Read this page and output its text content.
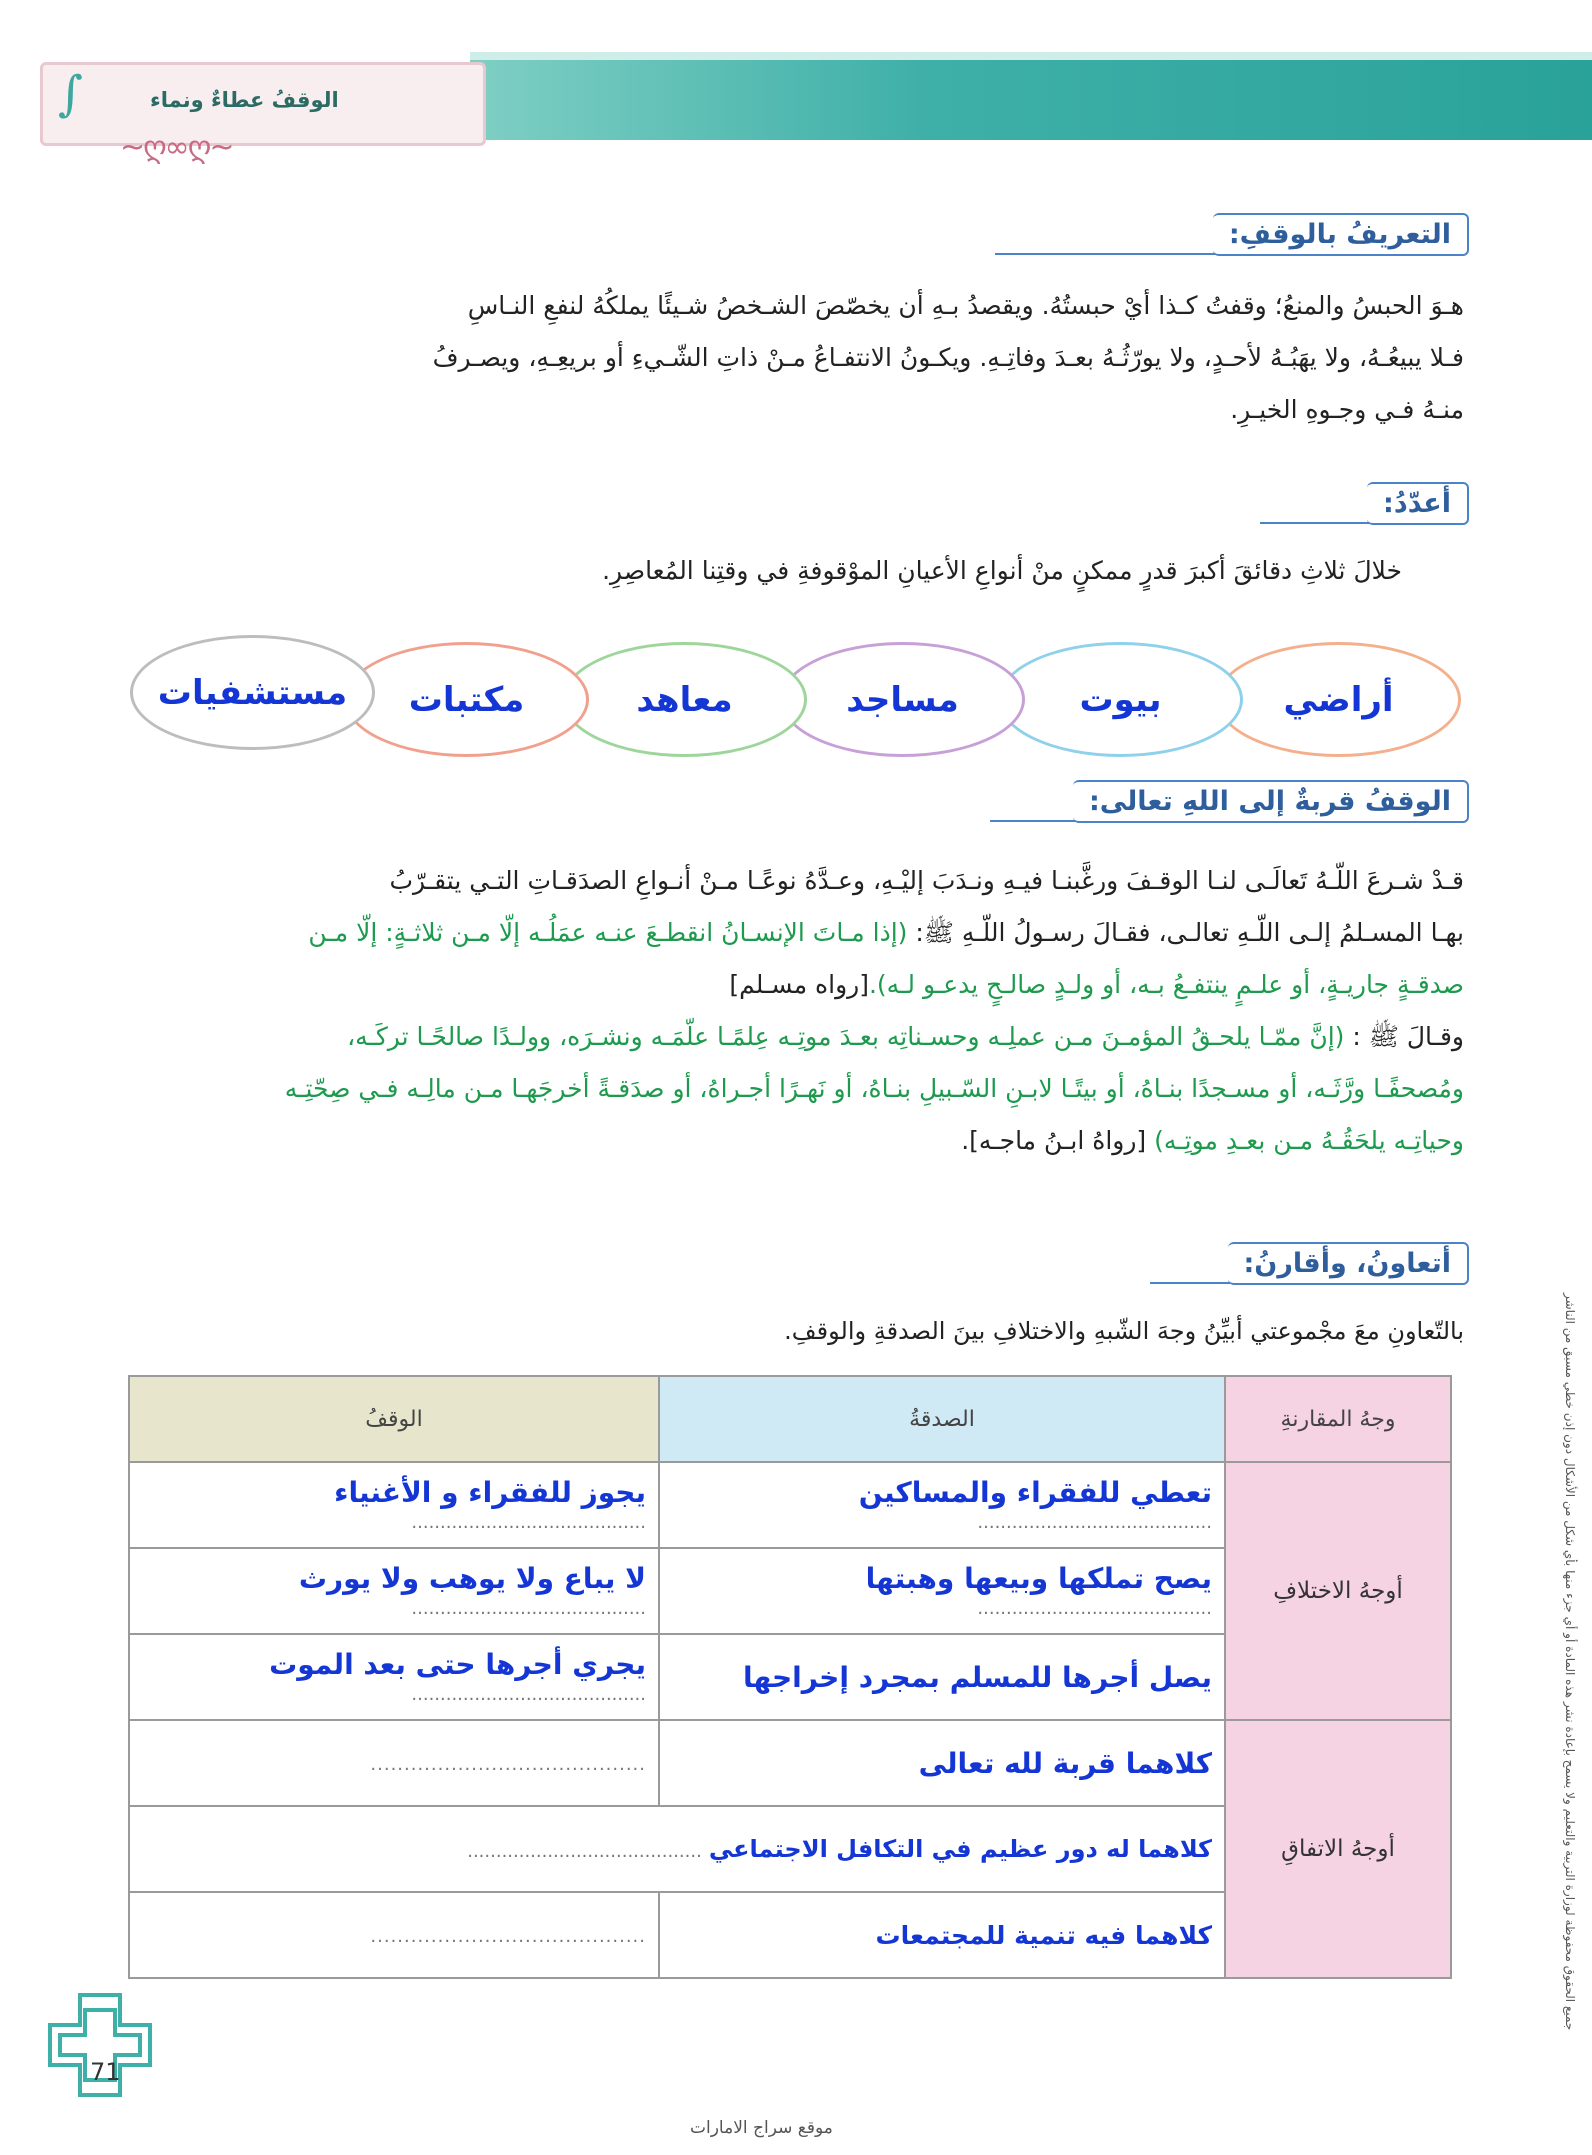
∫	الوقفُ عطاءٌ ونماء
~ღ∞ღ~
التعريفُ بالوقفِ:
هـوَ الحبسُ والمنعُ؛ وقفتُ كـذا أيْ حبستُهُ. ويقصدُ بـهِ أن يخصّصَ الشـخصُ شـيئًا يملكُهُ لنفعِ النـاسِ
فـلا يبيعُـهُ، ولا يهَبُـهُ لأحـدٍ، ولا يورّثُـهُ بعـدَ وفاتِـهِ. ويكـونُ الانتفـاعُ مـنْ ذاتِ الشّـيءِ أو بريعِـهِ، ويصـرفُ
منـهُ فـي وجـوهِ الخيـرِ.
أعدّدُ:
خلالَ ثلاثِ دقائقَ أكبرَ قدرٍ ممكنٍ منْ أنواعِ الأعيانِ الموْقوفةِ في وقتِنا المُعاصِرِ.
أراضي
بيوت
مساجد
معاهد
مكتبات
مستشفيات
الوقفُ قربةٌ إلى اللهِ تعالى:
قـدْ شـرعَ اللّـهُ تَعالَـى لنـا الوقـفَ ورغَّبنـا فيـهِ ونـدَبَ إليْـهِ، وعـدَّهُ نوعًـا مـنْ أنـواعِ الصدَقـاتِ التـي يتقـرّبُ
بهـا المسـلمُ إلـى اللّـهِ تعالـى، فقـالَ رسـولُ اللّـهِ ﷺ: (إذا مـاتَ الإنسـانُ انقطـعَ عنـه عمَلُـه إلّا مـن ثلاثـةٍ: إلّا مـن
صدقـةٍ جاريـةٍ، أو علـمٍ ينتفـعُ بـه، أو ولـدٍ صالـحٍ يدعـو لـه).[رواه مسـلم]
وقـالَ ﷺ : (إنَّ ممّـا يلحـقُ المؤمـنَ مـن عملِـه وحسـناتِه بعـدَ موتِـه عِلمًـا علّمَـه ونشـرَه، وولـدًا صالحًـا تركَـه،
ومُصحفًـا ورَّثَـه، أو مسـجدًا بنـاهُ، أو بيتًـا لابـنِ السّـبيلِ بنـاهُ، أو نَهـرًا أجـراهُ، أو صدَقـةً أخرجَهـا مـن مالِـه فـي صِحّتِـه
وحياتِـه يلحَقُـهُ مـن بعـدِ موتِـه) [رواهُ ابـنُ ماجـه].
أتعاونُ، وأقارنُ:
بالتّعاونِ معَ مجْموعتي أبيِّنُ وجهَ الشّبهِ والاختلافِ بينَ الصدقةِ والوقفِ.
وجهُ المقارنةِ	الصدقةُ	الوقفُ
أوجهُ الاختلافِ	تعطي للفقراء والمساكين .........................................	يجوز للفقراء و الأغنياء .........................................
	يصح تملكها وبيعها وهبتها .........................................	لا يباع ولا يوهب ولا يورث .........................................
	يصل أجرها للمسلم بمجرد إخراجها	يجري أجرها حتى بعد الموت .........................................
أوجهُ الاتفاقِ	كلاهما قربة لله تعالى	.........................................
	كلاهما له دور عظيم في التكافل الاجتماعي .........................................	
	كلاهما فيه تنمية للمجتمعات	.........................................	جميع الحقوق محفوظة لوزارة التربية والتعليم ولا يسمح بإعادة نشر هذه المادة أو أي جزء منها بأي شكل من الأشكال دون إذن خطي مسبق من الناشر
71
موقع سراج الامارات
